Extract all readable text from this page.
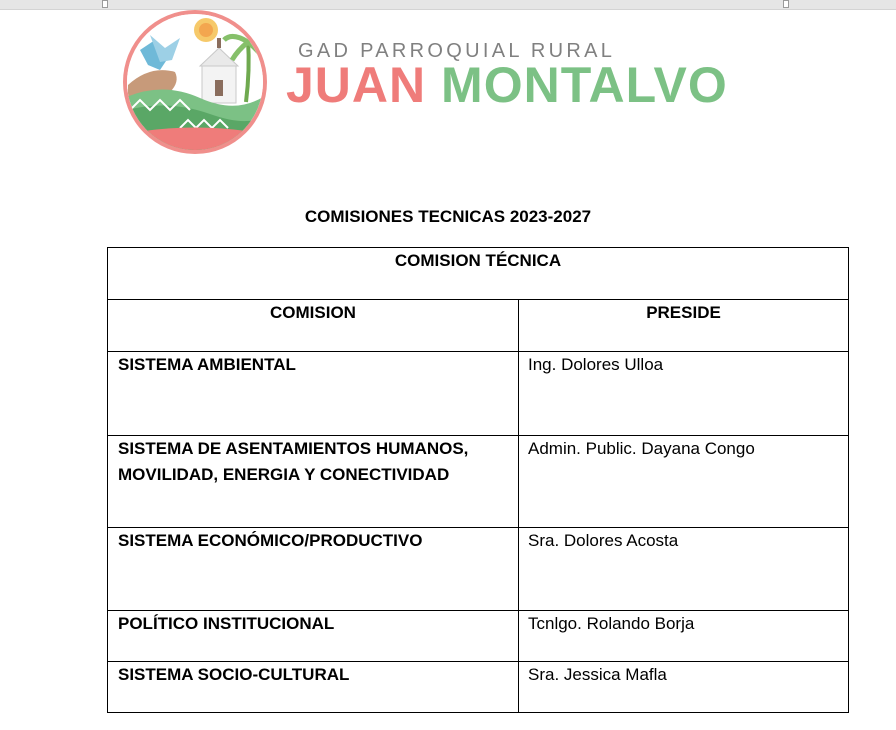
GAD PARROQUIAL RURAL
JUAN MONTALVO
COMISIONES TECNICAS 2023-2027
COMISION TÉCNICA	

COMISION	PRESIDE

SISTEMA AMBIENTAL	Ing. Dolores Ulloa

SISTEMA DE ASENTAMIENTOS HUMANOS, MOVILIDAD, ENERGIA Y CONECTIVIDAD	Admin. Public. Dayana Congo

SISTEMA ECONÓMICO/PRODUCTIVO	Sra. Dolores Acosta

POLÍTICO INSTITUCIONAL	Tcnlgo. Rolando Borja

SISTEMA SOCIO-CULTURAL	Sra. Jessica Mafla
